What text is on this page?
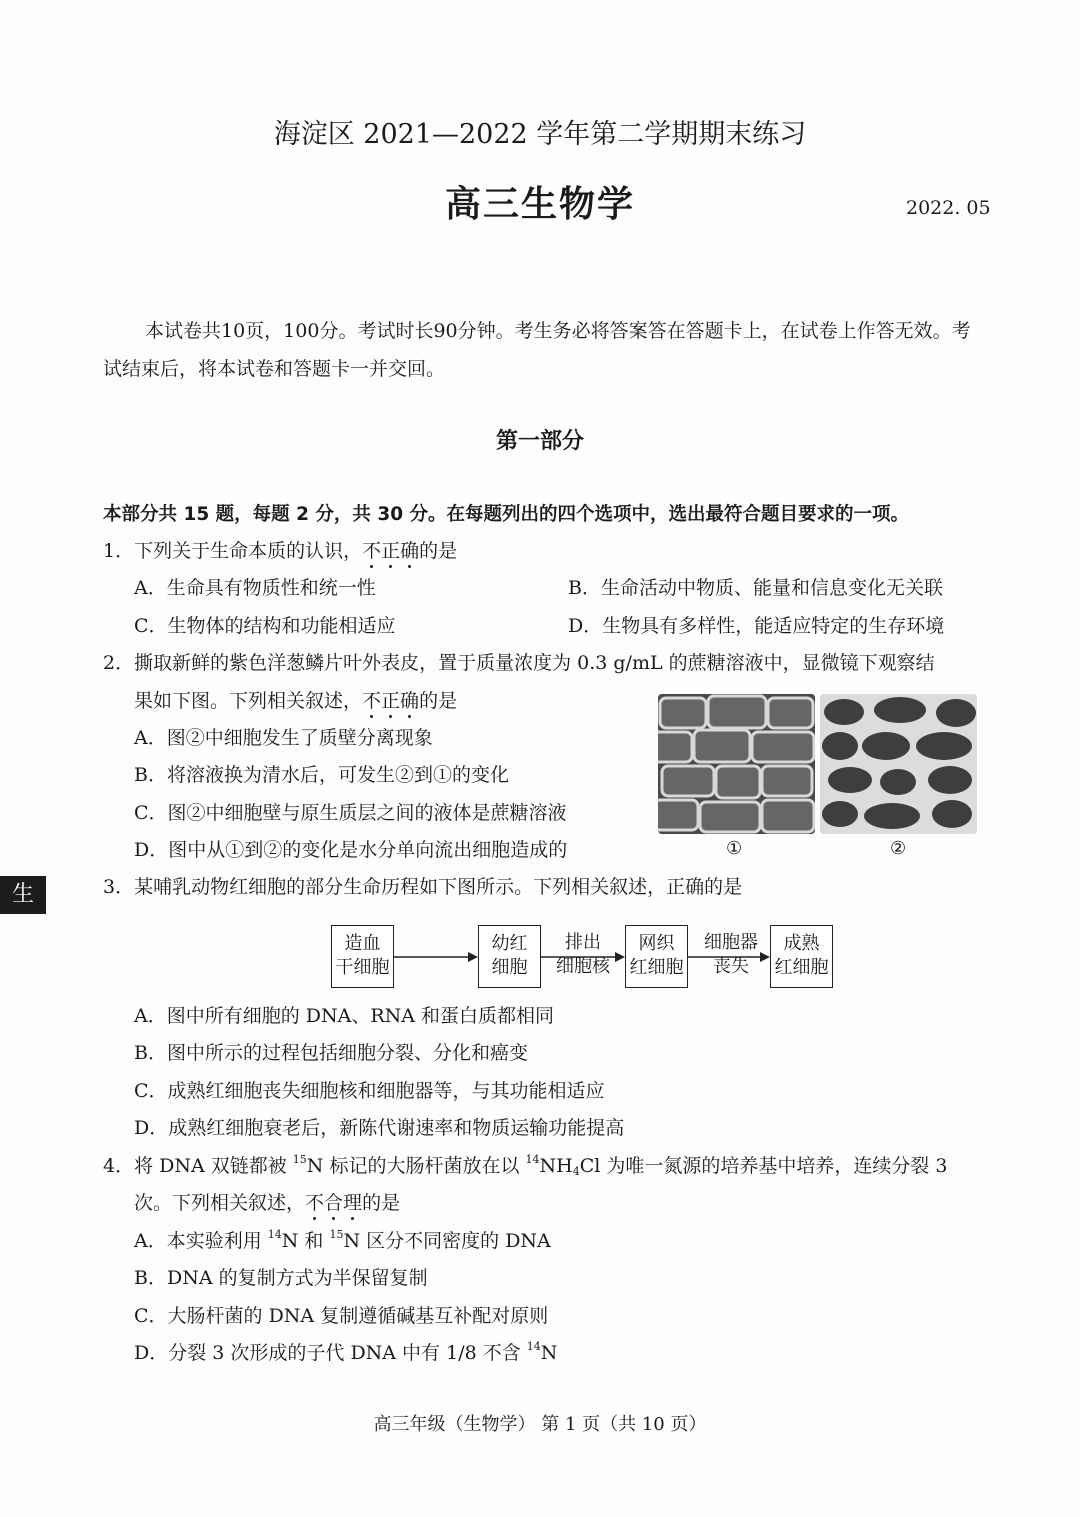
海淀区 2021—2022 学年第二学期期末练习
高三生物学	2022. 05
本试卷共10页，100分。考试时长90分钟。考生务必将答案答在答题卡上，在试卷上作答无效。考试结束后，将本试卷和答题卡一并交回。
第一部分
本部分共 15 题，每题 2 分，共 30 分。在每题列出的四个选项中，选出最符合题目要求的一项。
1．下列关于生命本质的认识，不正确的是
A．生命具有物质性和统一性	B．生命活动中物质、能量和信息变化无关联
C．生物体的结构和功能相适应	D．生物具有多样性，能适应特定的生存环境
2．撕取新鲜的紫色洋葱鳞片叶外表皮，置于质量浓度为 0.3 g/mL 的蔗糖溶液中，显微镜下观察结
果如下图。下列相关叙述，不正确的是
A．图②中细胞发生了质壁分离现象
B．将溶液换为清水后，可发生②到①的变化
C．图②中细胞壁与原生质层之间的液体是蔗糖溶液
D．图中从①到②的变化是水分单向流出细胞造成的	①	②
生	3．某哺乳动物红细胞的部分生命历程如下图所示。下列相关叙述，正确的是
造血
干细胞
幼红
细胞
排出
细胞核
网织
红细胞
细胞器
丧失
成熟
红细胞
A．图中所有细胞的 DNA、RNA 和蛋白质都相同
B．图中所示的过程包括细胞分裂、分化和癌变
C．成熟红细胞丧失细胞核和细胞器等，与其功能相适应
D．成熟红细胞衰老后，新陈代谢速率和物质运输功能提高
4．将 DNA 双链都被 $^{15}$N 标记的大肠杆菌放在以 $^{14}NH_4Cl$ 为唯一氮源的培养基中培养，连续分裂 3
次。下列相关叙述，不合理的是
A．本实验利用 $^{14}$N 和 $^{15}$N 区分不同密度的 DNA
B．DNA 的复制方式为半保留复制
C．大肠杆菌的 DNA 复制遵循碱基互补配对原则
D．分裂 3 次形成的子代 DNA 中有 1/8 不含 $^{14}$N
高三年级（生物学） 第 1 页（共 10 页）
